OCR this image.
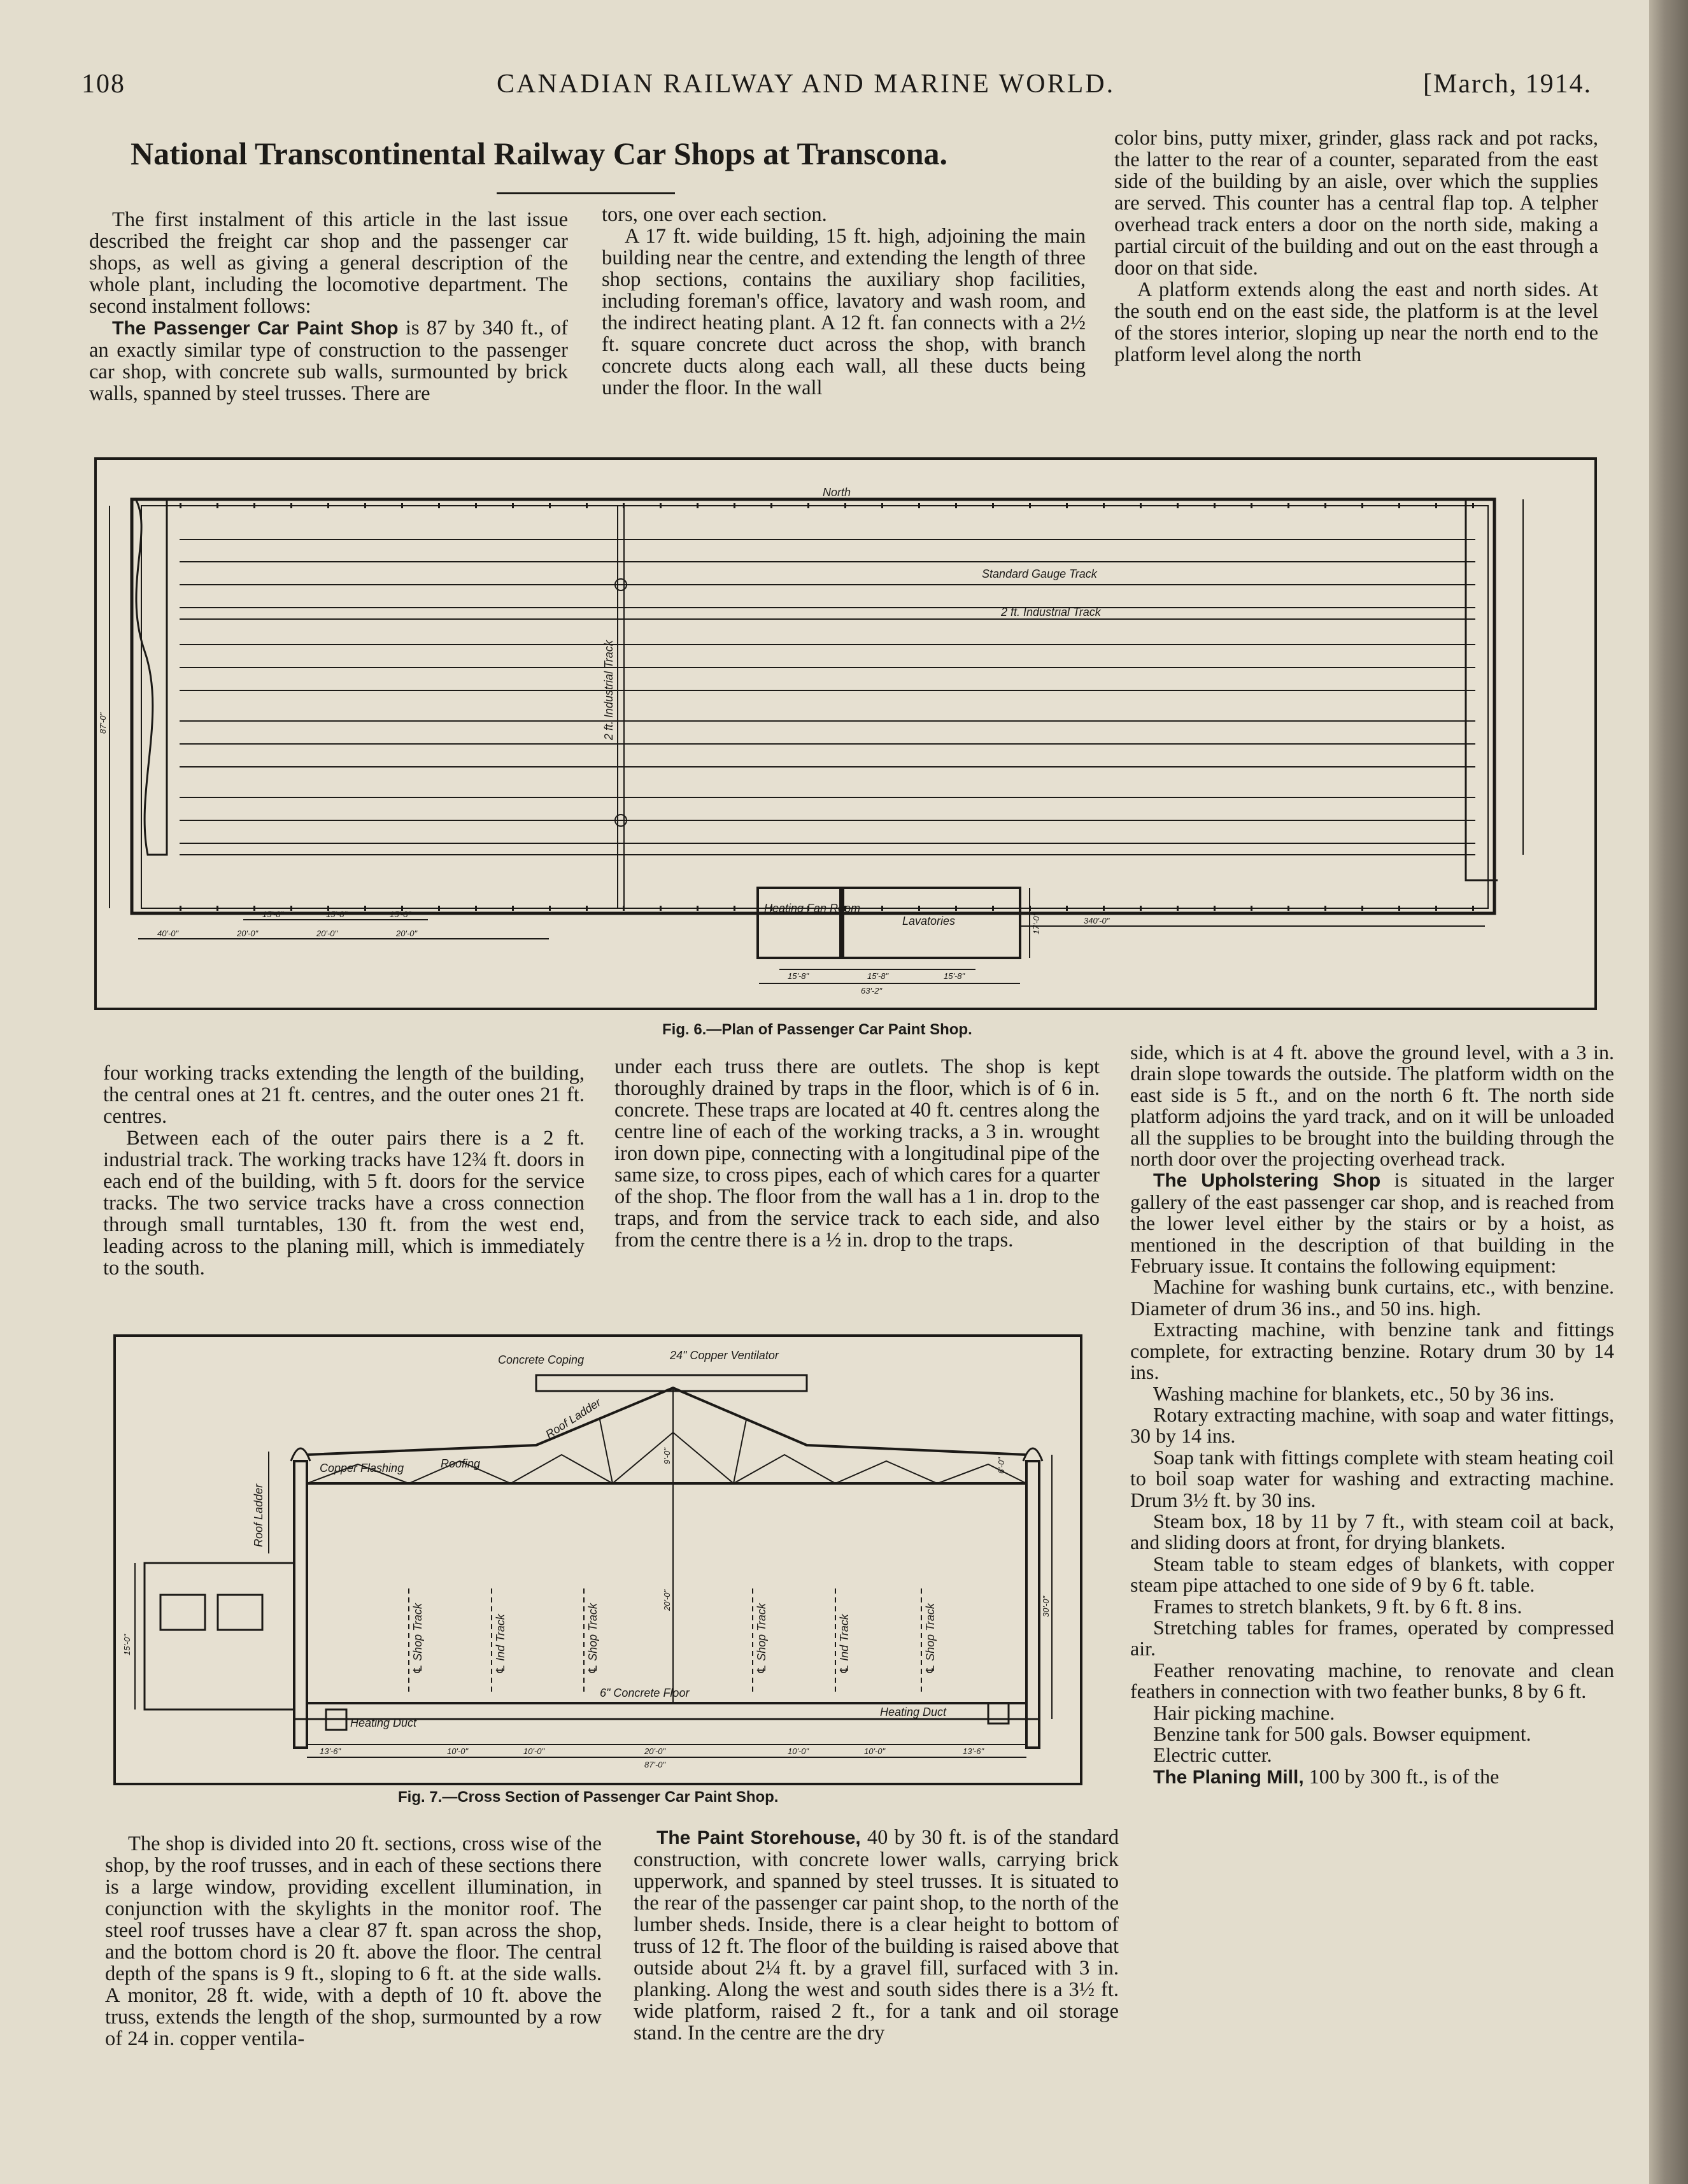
108	CANADIAN RAILWAY AND MARINE WORLD.	[March, 1914.
National Transcontinental Railway Car Shops at Transcona.

The first instalment of this article in the last issue described the freight car shop and the passenger car shops, as well as giving a general description of the whole plant, including the locomotive department. The second instalment follows:

The Passenger Car Paint Shop is 87 by 340 ft., of an exactly similar type of construction to the passenger car shop, with concrete sub walls, surmounted by brick walls, spanned by steel trusses. There are

tors, one over each section.

A 17 ft. wide building, 15 ft. high, adjoining the main building near the centre, and extending the length of three shop sections, contains the auxiliary shop facilities, including foreman's office, lavatory and wash room, and the indirect heating plant. A 12 ft. fan connects with a 2½ ft. square concrete duct across the shop, with branch concrete ducts along each wall, all these ducts being under the floor. In the wall

color bins, putty mixer, grinder, glass rack and pot racks, the latter to the rear of a counter, separated from the east side of the building by an aisle, over which the supplies are served. This counter has a central flap top. A telpher overhead track enters a door on the north side, making a partial circuit of the building and out on the east through a door on that side.

A platform extends along the east and north sides. At the south end on the east side, the platform is at the level of the stores interior, sloping up near the north end to the platform level along the north

North
Standard Gauge Track
2 ft. Industrial Track
2 ft. Industrial Track
Heating Fan Room
Lavatories
40'-0"	20'-0"	20'-0"	20'-0"
15'-8"	15'-8"	15'-8"
340'-0"
63'-2"
15'-8"	15'-8"	15'-8"
87'-0"
17'-0"
Fig. 6.—Plan of Passenger Car Paint Shop.

four working tracks extending the length of the building, the central ones at 21 ft. centres, and the outer ones 21 ft. centres.

Between each of the outer pairs there is a 2 ft. industrial track. The working tracks have 12¾ ft. doors in each end of the building, with 5 ft. doors for the service tracks. The two service tracks have a cross connection through small turntables, 130 ft. from the west end, leading across to the planing mill, which is immediately to the south.

under each truss there are outlets. The shop is kept thoroughly drained by traps in the floor, which is of 6 in. concrete. These traps are located at 40 ft. centres along the centre line of each of the working tracks, a 3 in. wrought iron down pipe, connecting with a longitudinal pipe of the same size, to cross pipes, each of which cares for a quarter of the shop. The floor from the wall has a 1 in. drop to the traps, and from the service track to each side, and also from the centre there is a ½ in. drop to the traps.

side, which is at 4 ft. above the ground level, with a 3 in. drain slope towards the outside. The platform width on the east side is 5 ft., and on the north 6 ft. The north side platform adjoins the yard track, and on it will be unloaded all the supplies to be brought into the building through the north door over the projecting overhead track.

The Upholstering Shop is situated in the larger gallery of the east passenger car shop, and is reached from the lower level either by the stairs or by a hoist, as mentioned in the description of that building in the February issue. It contains the following equipment:

Machine for washing bunk curtains, etc., with benzine. Diameter of drum 36 ins., and 50 ins. high.

Extracting machine, with benzine tank and fittings complete, for extracting benzine. Rotary drum 30 by 14 ins.

Washing machine for blankets, etc., 50 by 36 ins.

Rotary extracting machine, with soap and water fittings, 30 by 14 ins.

Soap tank with fittings complete with steam heating coil to boil soap water for washing and extracting machine. Drum 3½ ft. by 30 ins.

Steam box, 18 by 11 by 7 ft., with steam coil at back, and sliding doors at front, for drying blankets.

Steam table to steam edges of blankets, with copper steam pipe attached to one side of 9 by 6 ft. table.

Frames to stretch blankets, 9 ft. by 6 ft. 8 ins.

Stretching tables for frames, operated by compressed air.

Feather renovating machine, to renovate and clean feathers in connection with two feather bunks, 8 by 6 ft.

Hair picking machine.

Benzine tank for 500 gals. Bowser equipment.

Electric cutter.

The Planing Mill, 100 by 300 ft., is of the

Concrete Coping	24" Copper Ventilator
Roof Ladder
Roof Ladder
Copper Flashing	Roofing
℄ Shop Track	℄ Ind Track	℄ Shop Track	℄ Shop Track	℄ Ind Track	℄ Shop Track
6" Concrete Floor
Heating Duct
Heating Duct
15'-0"
20'-0"	30'-0"
9'-0"
6'-0"
87'-0"
13'-6"	10'-0"	10'-0"	20'-0"	10'-0"	10'-0"	13'-6"
Fig. 7.—Cross Section of Passenger Car Paint Shop.

The shop is divided into 20 ft. sections, cross wise of the shop, by the roof trusses, and in each of these sections there is a large window, providing excellent illumination, in conjunction with the skylights in the monitor roof. The steel roof trusses have a clear 87 ft. span across the shop, and the bottom chord is 20 ft. above the floor. The central depth of the spans is 9 ft., sloping to 6 ft. at the side walls. A monitor, 28 ft. wide, with a depth of 10 ft. above the truss, extends the length of the shop, surmounted by a row of 24 in. copper ventila-

The Paint Storehouse, 40 by 30 ft. is of the standard construction, with concrete lower walls, carrying brick upperwork, and spanned by steel trusses. It is situated to the rear of the passenger car paint shop, to the north of the lumber sheds. Inside, there is a clear height to bottom of truss of 12 ft. The floor of the building is raised above that outside about 2¼ ft. by a gravel fill, surfaced with 3 in. planking. Along the west and south sides there is a 3½ ft. wide platform, raised 2 ft., for a tank and oil storage stand. In the centre are the dry
